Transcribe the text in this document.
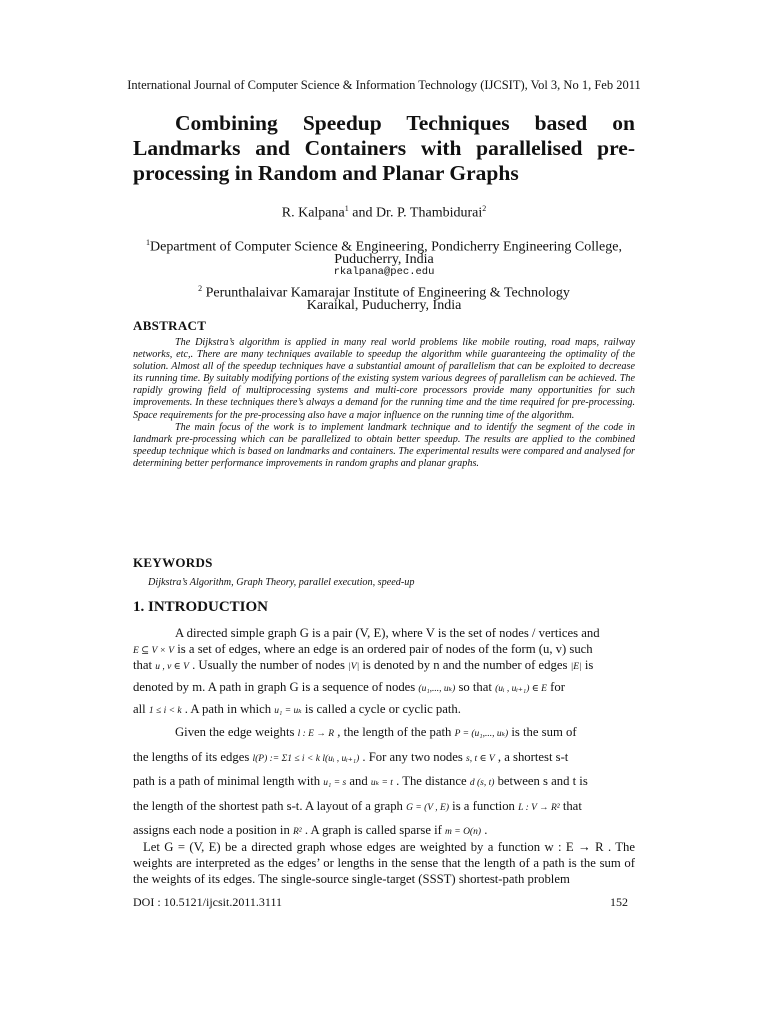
International Journal of Computer Science & Information Technology (IJCSIT), Vol 3, No 1, Feb 2011
Combining Speedup Techniques based on Landmarks and Containers with parallelised pre-processing in Random and Planar Graphs
R. Kalpana$^1$ and Dr. P. Thambidurai$^2$
$^1$Department of Computer Science & Engineering, Pondicherry Engineering College,
Puducherry, India
rkalpana@pec.edu
$^2$ Perunthalaivar Kamarajar Institute of Engineering & Technology
Karaikal, Puducherry, India
ABSTRACT

The Dijkstra’s algorithm is applied in many real world problems like mobile routing, road maps, railway networks, etc,. There are many techniques available to speedup the algorithm while guaranteeing the optimality of the solution. Almost all of the speedup techniques have a substantial amount of parallelism that can be exploited to decrease its running time. By suitably modifying portions of the existing system various degrees of parallelism can be achieved. The rapidly growing field of multiprocessing systems and multi-core processors provide many opportunities for such improvements. In these techniques there’s always a demand for the running time and the time required for pre-processing. Space requirements for the pre-processing also have a major influence on the running time of the algorithm.

The main focus of the work is to implement landmark technique and to identify the segment of the code in landmark pre-processing which can be parallelized to obtain better speedup. The results are applied to the combined speedup technique which is based on landmarks and containers. The experimental results were compared and analysed for determining better performance improvements in random graphs and planar graphs.

KEYWORDS
Dijkstra’s Algorithm, Graph Theory, parallel execution, speed-up
1. INTRODUCTION
A directed simple graph G is a pair (V, E), where V is the set of nodes / vertices and
E ⊆ V × V is a set of edges, where an edge is an ordered pair of nodes of the form (u, v) such
that u , v ∈ V . Usually the number of nodes |V| is denoted by n and the number of edges |E| is
denoted by m. A path in graph G is a sequence of nodes (u₁,..., uₖ) so that (uᵢ , uᵢ₊₁) ∈ E for
all 1 ≤ i < k . A path in which u₁ = uₖ is called a cycle or cyclic path.
Given the edge weights l : E → R , the length of the path P = (u₁,..., uₖ) is the sum of
the lengths of its edges l(P) := Σ1 ≤ i < k l(uᵢ , uᵢ₊₁) . For any two nodes s, t ∈ V , a shortest s-t
path is a path of minimal length with u₁ = s and uₖ = t . The distance d (s, t) between s and t is
the length of the shortest path s-t. A layout of a graph G = (V , E) is a function L : V → R² that
assigns each node a position in R² . A graph is called sparse if m = O(n) .
Let G = (V, E) be a directed graph whose edges are weighted by a function w : E → R . The weights are interpreted as the edges’ or lengths in the sense that the length of a path is the sum of the weights of its edges. The single-source single-target (SSST) shortest-path problem
DOI : 10.5121/ijcsit.2011.3111	152
